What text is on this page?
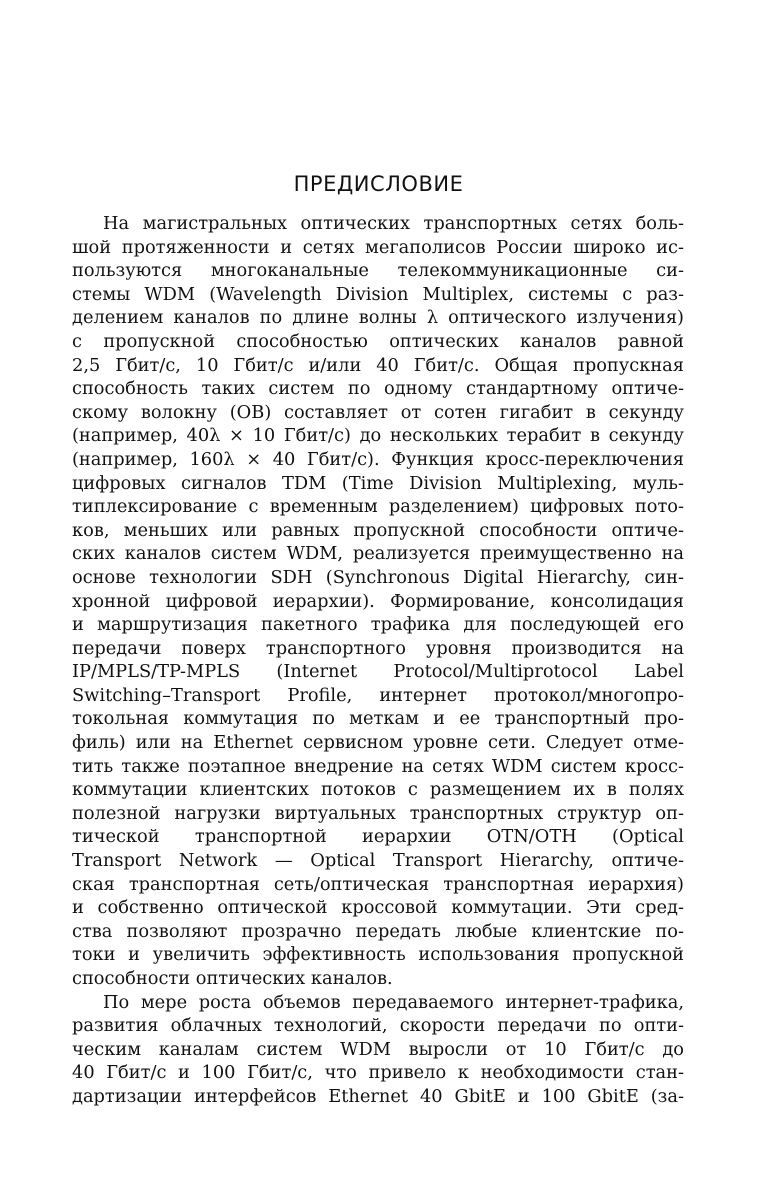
ПРЕДИСЛОВИЕ
На магистральных оптических транспортных сетях боль-
шой протяженности и сетях мегаполисов России широко ис-
пользуются многоканальные телекоммуникационные си-
стемы WDM (Wavelength Division Multiplex, системы с раз-
делением каналов по длине волны λ оптического излучения)
с пропускной способностью оптических каналов равной
2,5 Гбит/с, 10 Гбит/с и/или 40 Гбит/с. Общая пропускная
способность таких систем по одному стандартному оптиче-
скому волокну (ОВ) составляет от сотен гигабит в секунду
(например, 40λ × 10 Гбит/с) до нескольких терабит в секунду
(например, 160λ × 40 Гбит/с). Функция кросс-переключения
цифровых сигналов TDM (Time Division Multiplexing, муль-
типлексирование с временным разделением) цифровых пото-
ков, меньших или равных пропускной способности оптиче-
ских каналов систем WDM, реализуется преимущественно на
основе технологии SDH (Synchronous Digital Hierarchy, син-
хронной цифровой иерархии). Формирование, консолидация
и маршрутизация пакетного трафика для последующей его
передачи поверх транспортного уровня производится на
IP/MPLS/TP-MPLS (Internet Protocol/Multiprotocol Label
Switching–Transport Profile, интернет протокол/многопро-
токольная коммутация по меткам и ее транспортный про-
филь) или на Ethernet сервисном уровне сети. Следует отме-
тить также поэтапное внедрение на сетях WDM систем кросс-
коммутации клиентских потоков с размещением их в полях
полезной нагрузки виртуальных транспортных структур оп-
тической транспортной иерархии OTN/OTH (Optical
Transport Network — Optical Transport Hierarchy, оптиче-
ская транспортная сеть/оптическая транспортная иерархия)
и собственно оптической кроссовой коммутации. Эти сред-
ства позволяют прозрачно передать любые клиентские по-
токи и увеличить эффективность использования пропускной
способности оптических каналов.
По мере роста объемов передаваемого интернет-трафика,
развития облачных технологий, скорости передачи по опти-
ческим каналам систем WDM выросли от 10 Гбит/с до
40 Гбит/с и 100 Гбит/с, что привело к необходимости стан-
дартизации интерфейсов Ethernet 40 GbitE и 100 GbitE (за-
